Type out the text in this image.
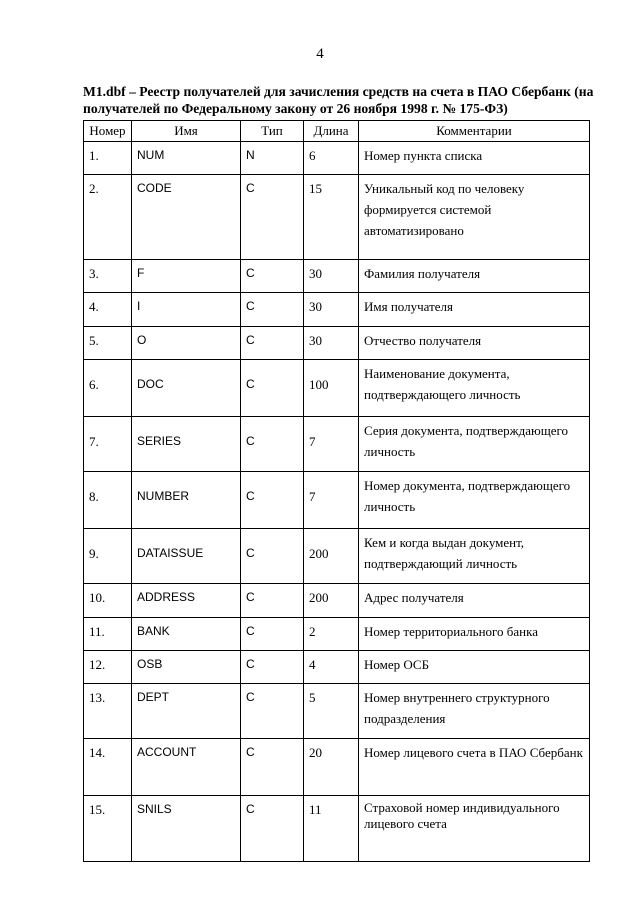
4
М1.dbf – Реестр получателей для зачисления средств на счета в ПАО Сбербанк (на получателей по Федеральному закону от 26 ноября 1998 г. № 175-ФЗ)
Номер	Имя	Тип	Длина	Комментарии
1.	NUM	N	6	Номер пункта списка
2.	CODE	C	15	Уникальный код по человеку формируется системой автоматизировано
3.	F	C	30	Фамилия получателя
4.	I	C	30	Имя получателя
5.	O	C	30	Отчество получателя
6.	DOC	C	100	Наименование документа, подтверждающего личность
7.	SERIES	C	7	Серия документа, подтверждающего личность
8.	NUMBER	C	7	Номер документа, подтверждающего личность
9.	DATAISSUE	C	200	Кем и когда выдан документ, подтверждающий личность
10.	ADDRESS	C	200	Адрес получателя
11.	BANK	C	2	Номер территориального банка
12.	OSB	C	4	Номер ОСБ
13.	DEPT	C	5	Номер внутреннего структурного подразделения
14.	ACCOUNT	C	20	Номер лицевого счета в ПАО Сбербанк
15.	SNILS	C	11	Страховой номер индивидуального лицевого счета
